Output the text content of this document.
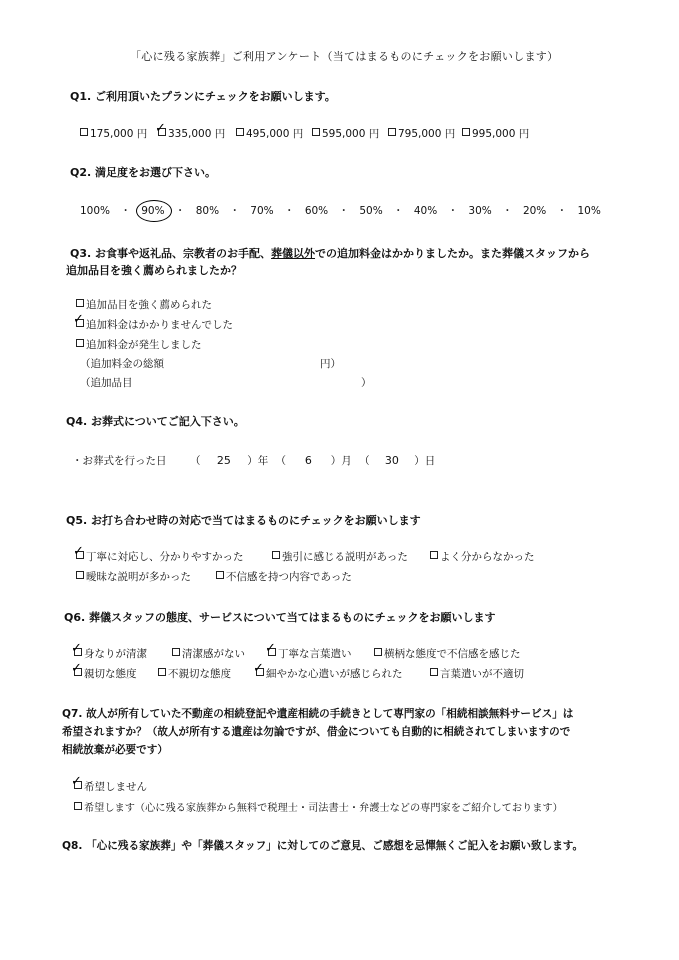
「心に残る家族葬」ご利用アンケート（当てはまるものにチェックをお願いします）
Q1. ご利用頂いたプランにチェックをお願いします。
175,000 円 ✓ 335,000 円	495,000 円	595,000 円	795,000 円	995,000 円
Q2. 満足度をお選び下さい。
100% ・ 90% ・ 80% ・ 70% ・ 60% ・ 50% ・ 40% ・ 30% ・ 20% ・ 10%
Q3. お食事や返礼品、宗教者のお手配、葬儀以外での追加料金はかかりましたか。また葬儀スタッフから
追加品目を強く薦められましたか？
追加品目を強く薦められた
✓ 追加料金はかかりませんでした
追加料金が発生しました
（追加料金の総額	円）
（追加品目	）
Q4. お葬式についてご記入下さい。
・お葬式を行った日 （ 25 ）年 （ 6 ）月 （ 30 ）日
Q5. お打ち合わせ時の対応で当てはまるものにチェックをお願いします
✓ 丁寧に対応し、分かりやすかった	強引に感じる説明があった	よく分からなかった
曖昧な説明が多かった	不信感を持つ内容であった
Q6. 葬儀スタッフの態度、サービスについて当てはまるものにチェックをお願いします
✓ 身なりが清潔	清潔感がない ✓ 丁寧な言葉遣い	横柄な態度で不信感を感じた
✓ 親切な態度	不親切な態度 ✓ 細やかな心遣いが感じられた	言葉遣いが不適切
Q7. 故人が所有していた不動産の相続登記や遺産相続の手続きとして専門家の「相続相談無料サービス」は
希望されますか？（故人が所有する遺産は勿論ですが、借金についても自動的に相続されてしまいますので
相続放棄が必要です）
✓ 希望しません
希望します（心に残る家族葬から無料で税理士・司法書士・弁護士などの専門家をご紹介しております）
Q8. 「心に残る家族葬」や「葬儀スタッフ」に対してのご意見、ご感想を忌憚無くご記入をお願い致します。
